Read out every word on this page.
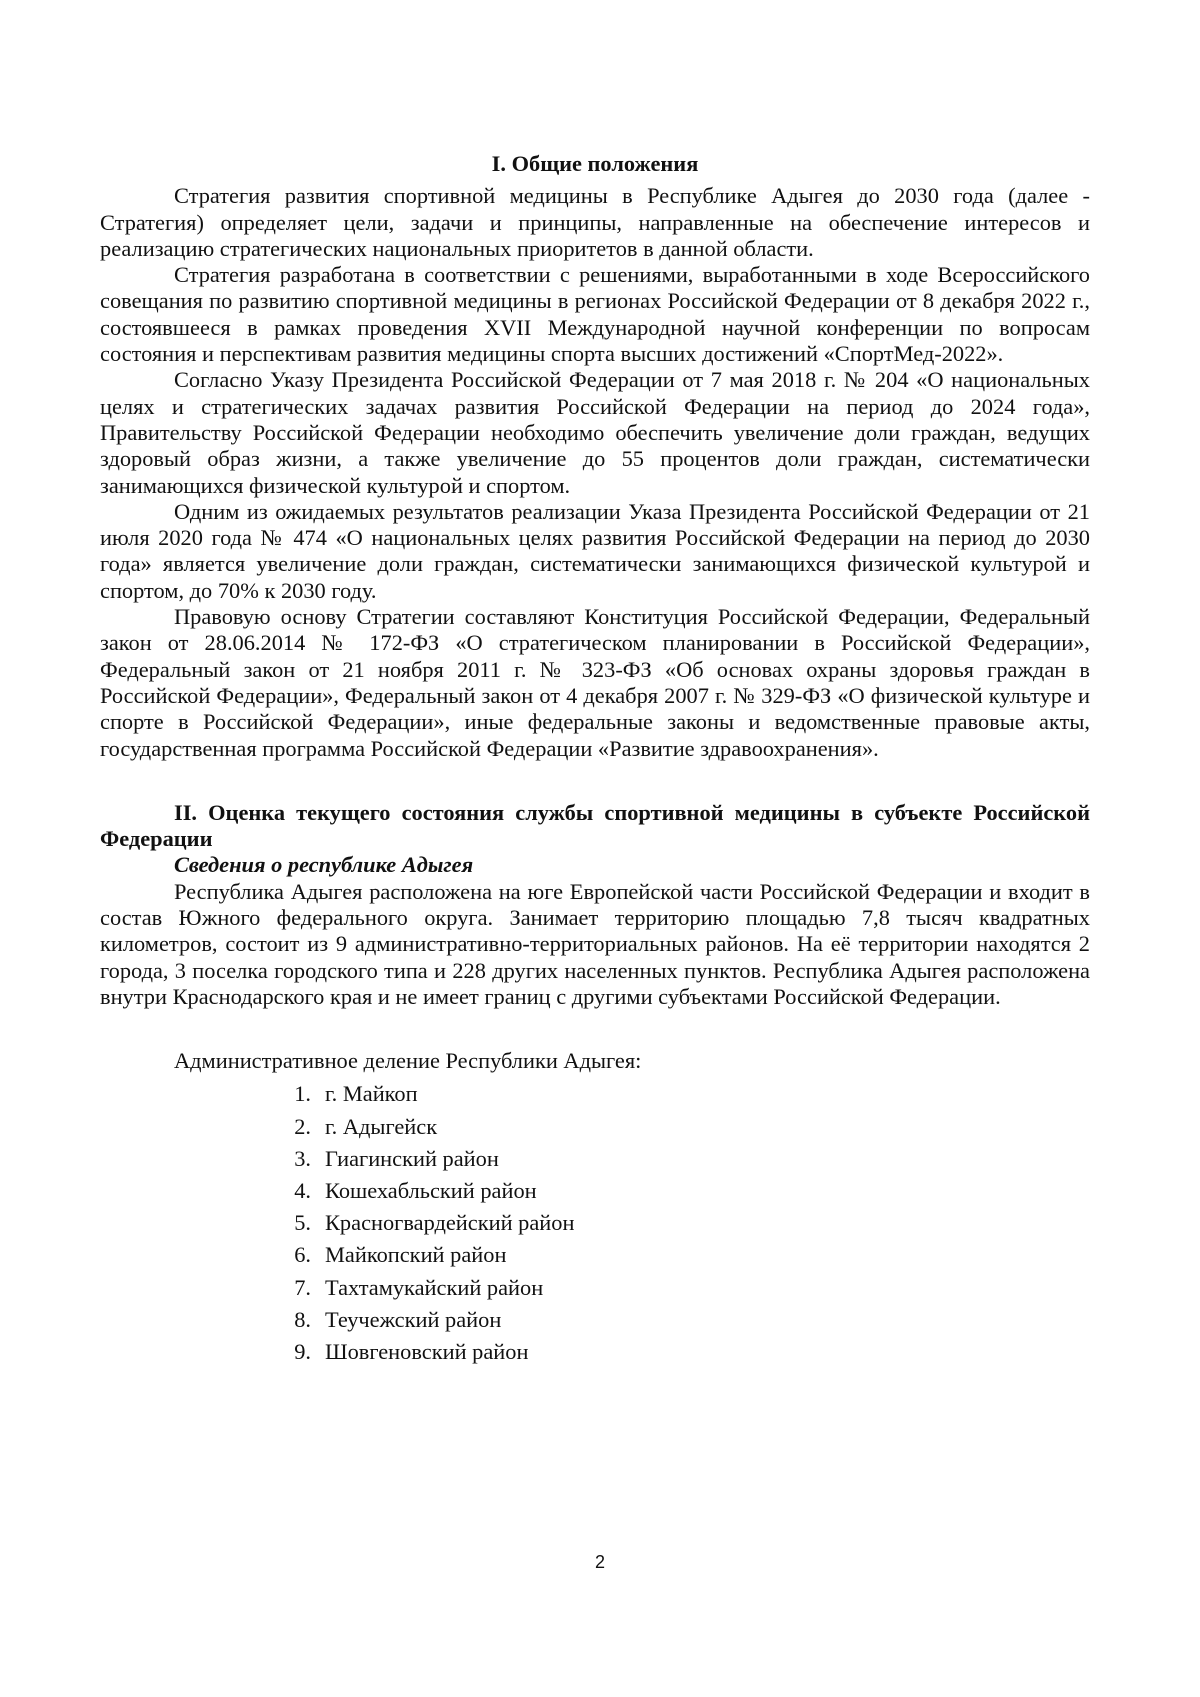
I. Общие положения

Стратегия развития спортивной медицины в Республике Адыгея до 2030 года (далее - Стратегия) определяет цели, задачи и принципы, направленные на обеспечение интересов и реализацию стратегических национальных приоритетов в данной области.

Стратегия разработана в соответствии с решениями, выработанными в ходе Всероссийского совещания по развитию спортивной медицины в регионах Российской Федерации от 8 декабря 2022 г., состоявшееся в рамках проведения XVII Международной научной конференции по вопросам состояния и перспективам развития медицины спорта высших достижений «СпортМед-2022».

Согласно Указу Президента Российской Федерации от 7 мая 2018 г. № 204 «О национальных целях и стратегических задачах развития Российской Федерации на период до 2024 года», Правительству Российской Федерации необходимо обеспечить увеличение доли граждан, ведущих здоровый образ жизни, а также увеличение до 55 процентов доли граждан, систематически занимающихся физической культурой и спортом.

Одним из ожидаемых результатов реализации Указа Президента Российской Федерации от 21 июля 2020 года № 474 «О национальных целях развития Российской Федерации на период до 2030 года» является увеличение доли граждан, систематически занимающихся физической культурой и спортом, до 70% к 2030 году.

Правовую основу Стратегии составляют Конституция Российской Федерации, Федеральный закон от 28.06.2014 № 172-ФЗ «О стратегическом планировании в Российской Федерации», Федеральный закон от 21 ноября 2011 г. № 323-ФЗ «Об основах охраны здоровья граждан в Российской Федерации», Федеральный закон от 4 декабря 2007 г. № 329-ФЗ «О физической культуре и спорте в Российской Федерации», иные федеральные законы и ведомственные правовые акты, государственная программа Российской Федерации «Развитие здравоохранения».

II. Оценка текущего состояния службы спортивной медицины в субъекте Российской Федерации
Сведения о республике Адыгея

Республика Адыгея расположена на юге Европейской части Российской Федерации и входит в состав Южного федерального округа. Занимает территорию площадью 7,8 тысяч квадратных километров, состоит из 9 административно-территориальных районов. На её территории находятся 2 города, 3 поселка городского типа и 228 других населенных пунктов. Республика Адыгея расположена внутри Краснодарского края и не имеет границ с другими субъектами Российской Федерации.

Административное деление Республики Адыгея:
1. г. Майкоп
2. г. Адыгейск
3. Гиагинский район
4. Кошехабльский район
5. Красногвардейский район
6. Майкопский район
7. Тахтамукайский район
8. Теучежский район
9. Шовгеновский район
2
